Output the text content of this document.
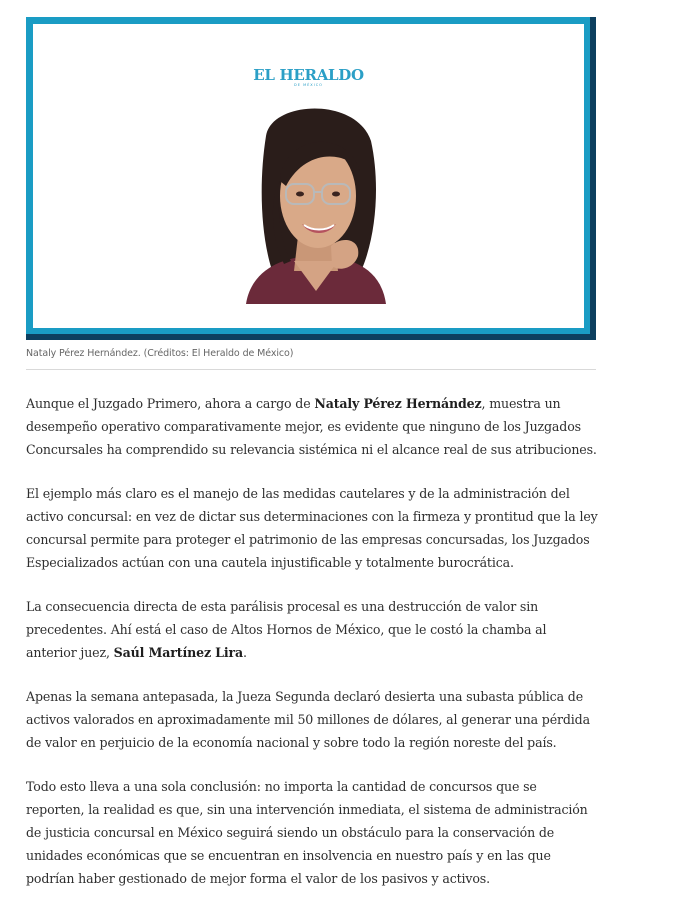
EL HERALDO
DE MÉXICO
Nataly Pérez Hernández. (Créditos: El Heraldo de México)

Aunque el Juzgado Primero, ahora a cargo de Nataly Pérez Hernández, muestra un desempeño operativo comparativamente mejor, es evidente que ninguno de los Juzgados Concursales ha comprendido su relevancia sistémica ni el alcance real de sus atribuciones.

El ejemplo más claro es el manejo de las medidas cautelares y de la administración del activo concursal: en vez de dictar sus determinaciones con la firmeza y prontitud que la ley concursal permite para proteger el patrimonio de las empresas concursadas, los Juzgados Especializados actúan con una cautela injustificable y totalmente burocrática.

La consecuencia directa de esta parálisis procesal es una destrucción de valor sin precedentes. Ahí está el caso de Altos Hornos de México, que le costó la chamba al anterior juez, Saúl Martínez Lira.

Apenas la semana antepasada, la Jueza Segunda declaró desierta una subasta pública de activos valorados en aproximadamente mil 50 millones de dólares, al generar una pérdida de valor en perjuicio de la economía nacional y sobre todo la región noreste del país.

Todo esto lleva a una sola conclusión: no importa la cantidad de concursos que se reporten, la realidad es que, sin una intervención inmediata, el sistema de administración de justicia concursal en México seguirá siendo un obstáculo para la conservación de unidades económicas que se encuentran en insolvencia en nuestro país y en las que podrían haber gestionado de mejor forma el valor de los pasivos y activos.
